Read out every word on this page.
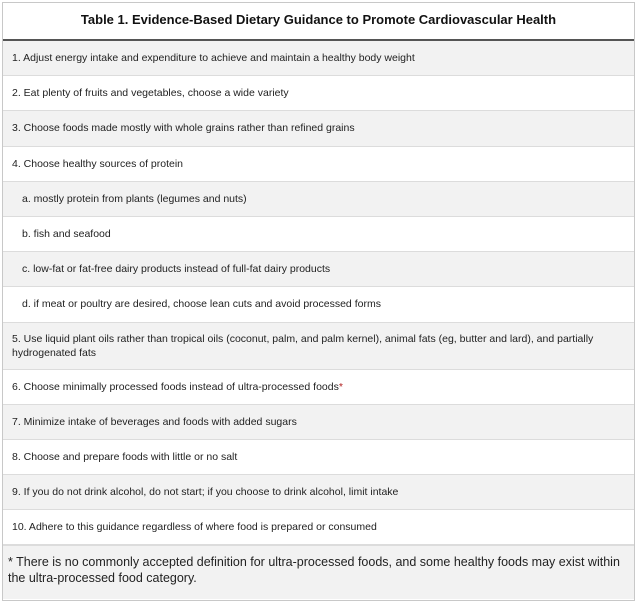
Table 1. Evidence-Based Dietary Guidance to Promote Cardiovascular Health
1. Adjust energy intake and expenditure to achieve and maintain a healthy body weight
2. Eat plenty of fruits and vegetables, choose a wide variety
3. Choose foods made mostly with whole grains rather than refined grains
4. Choose healthy sources of protein
a. mostly protein from plants (legumes and nuts)
b. fish and seafood
c. low-fat or fat-free dairy products instead of full-fat dairy products
d. if meat or poultry are desired, choose lean cuts and avoid processed forms
5. Use liquid plant oils rather than tropical oils (coconut, palm, and palm kernel), animal fats (eg, butter and lard), and partially hydrogenated fats
6. Choose minimally processed foods instead of ultra-processed foods *
7. Minimize intake of beverages and foods with added sugars
8. Choose and prepare foods with little or no salt
9. If you do not drink alcohol, do not start; if you choose to drink alcohol, limit intake
10. Adhere to this guidance regardless of where food is prepared or consumed
* There is no commonly accepted definition for ultra-processed foods, and some healthy foods may exist within the ultra-processed food category.
